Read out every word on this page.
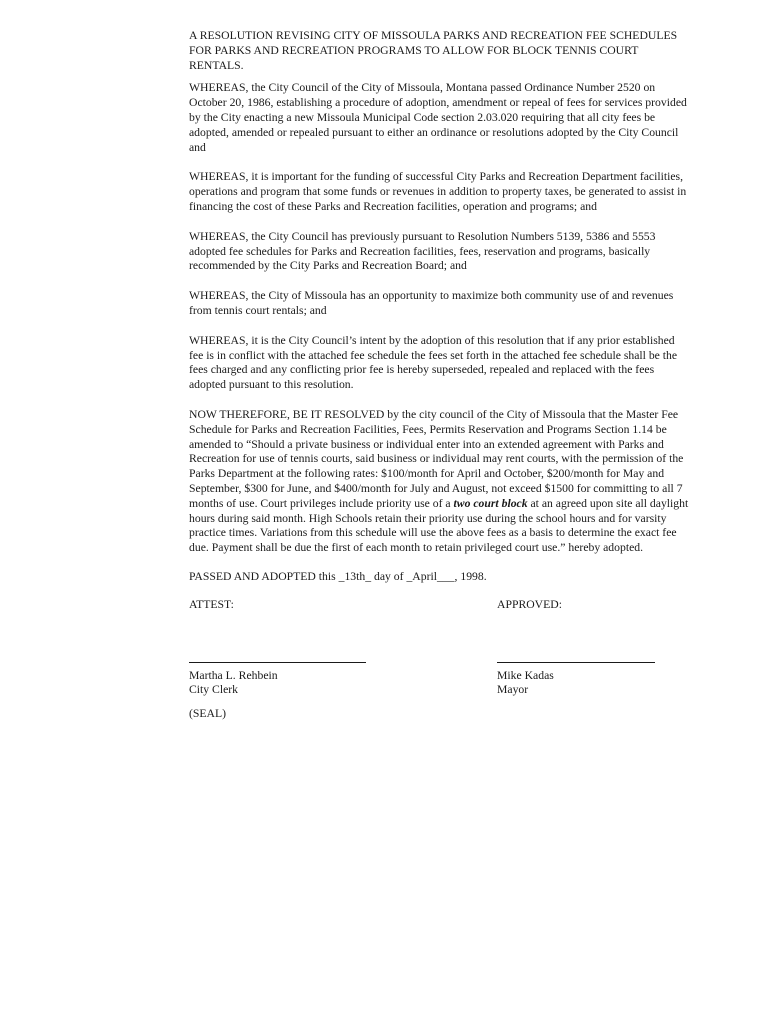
A RESOLUTION REVISING CITY OF MISSOULA PARKS AND RECREATION FEE SCHEDULES FOR PARKS AND RECREATION PROGRAMS TO ALLOW FOR BLOCK TENNIS COURT RENTALS.

WHEREAS, the City Council of the City of Missoula, Montana passed Ordinance Number 2520 on October 20, 1986, establishing a procedure of adoption, amendment or repeal of fees for services provided by the City enacting a new Missoula Municipal Code section 2.03.020 requiring that all city fees be adopted, amended or repealed pursuant to either an ordinance or resolutions adopted by the City Council and

WHEREAS, it is important for the funding of successful City Parks and Recreation Department facilities, operations and program that some funds or revenues in addition to property taxes, be generated to assist in financing the cost of these Parks and Recreation facilities, operation and programs; and

WHEREAS, the City Council has previously pursuant to Resolution Numbers 5139, 5386 and 5553 adopted fee schedules for Parks and Recreation facilities, fees, reservation and programs, basically recommended by the City Parks and Recreation Board; and

WHEREAS, the City of Missoula has an opportunity to maximize both community use of and revenues from tennis court rentals; and

WHEREAS, it is the City Council’s intent by the adoption of this resolution that if any prior established fee is in conflict with the attached fee schedule the fees set forth in the attached fee schedule shall be the fees charged and any conflicting prior fee is hereby superseded, repealed and replaced with the fees adopted pursuant to this resolution.

NOW THEREFORE, BE IT RESOLVED by the city council of the City of Missoula that the Master Fee Schedule for Parks and Recreation Facilities, Fees, Permits Reservation and Programs Section 1.14 be amended to “Should a private business or individual enter into an extended agreement with Parks and Recreation for use of tennis courts, said business or individual may rent courts, with the permission of the Parks Department at the following rates: $100/month for April and October, $200/month for May and September, $300 for June, and $400/month for July and August, not exceed $1500 for committing to all 7 months of use. Court privileges include priority use of a two court block at an agreed upon site all daylight hours during said month. High Schools retain their priority use during the school hours and for varsity practice times. Variations from this schedule will use the above fees as a basis to determine the exact fee due. Payment shall be due the first of each month to retain privileged court use.” hereby adopted.

PASSED AND ADOPTED this _13th_ day of _April___, 1998.

ATTEST:	APPROVED:
Martha L. Rehbein
City Clerk
Mike Kadas
Mayor
(SEAL)
